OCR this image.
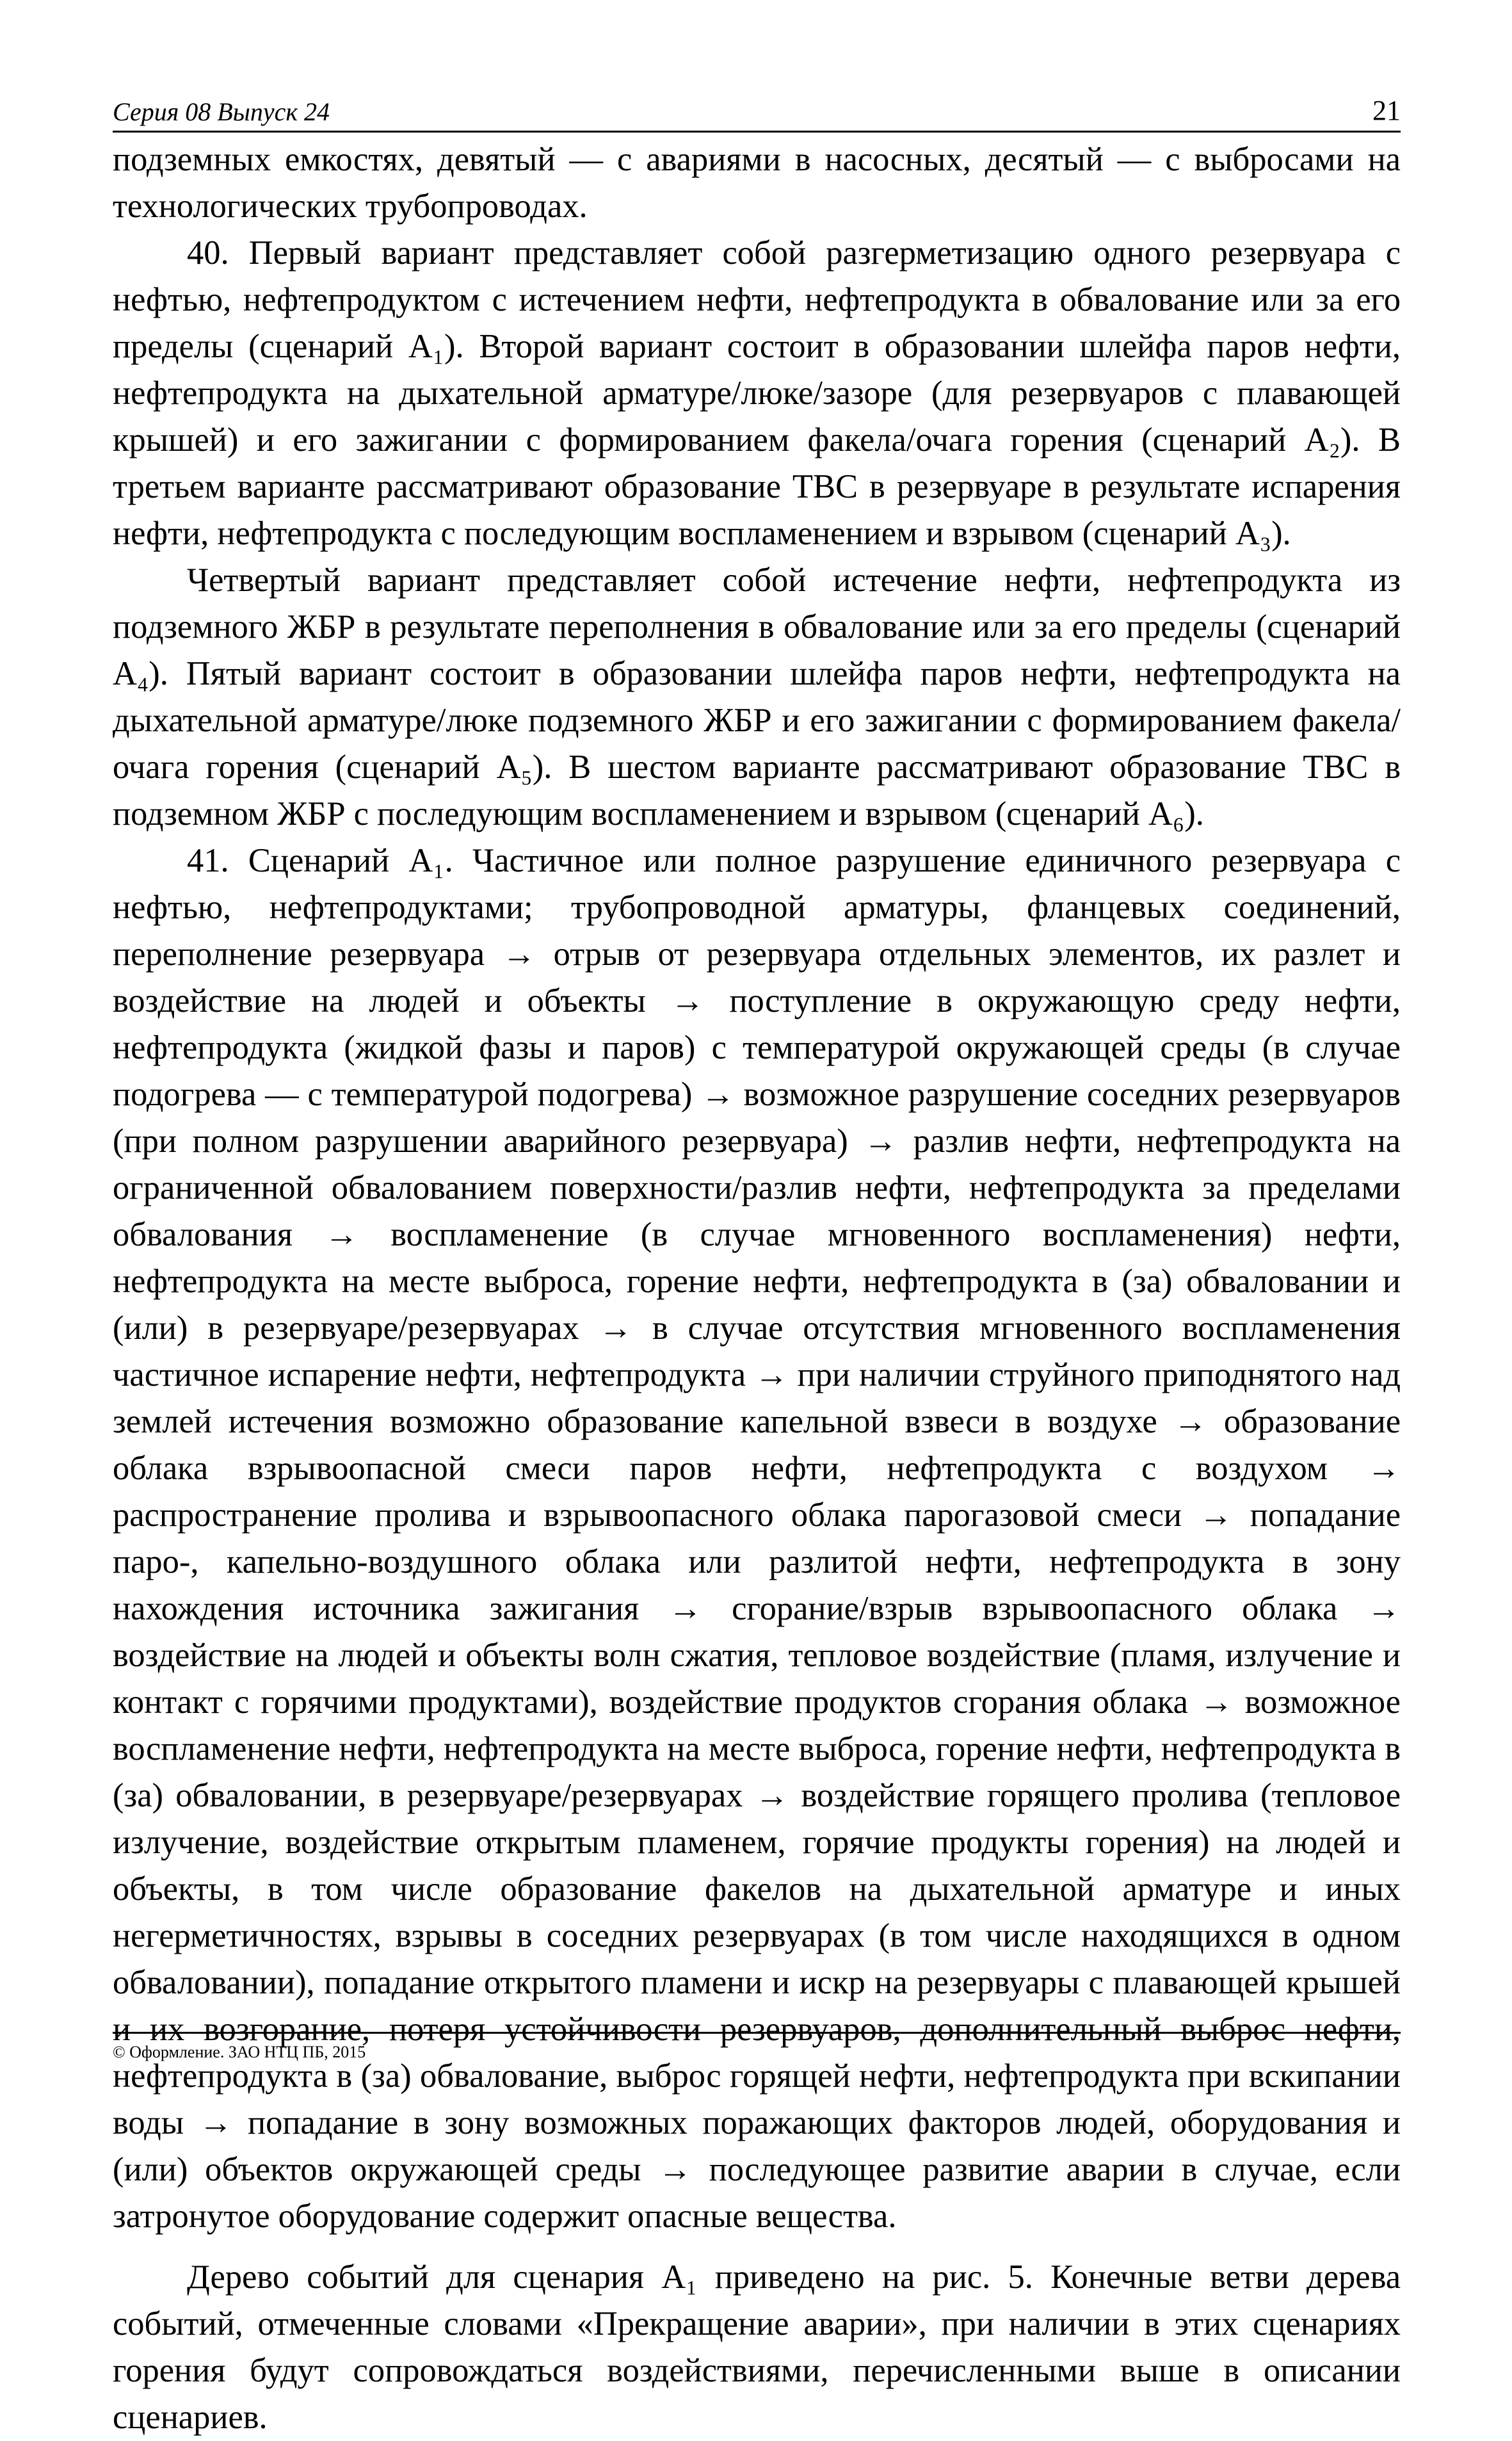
Серия 08 Выпуск 24	21

подземных емкостях, девятый — с авариями в насосных, десятый — с выбросами на технологических трубопроводах.

40. Первый вариант представляет собой разгерметизацию одного резервуара с нефтью, нефтепродуктом с истечением нефти, нефтепродукта в обвалование или за его пределы (сценарий А₁). Второй вариант состоит в образовании шлейфа паров нефти, нефтепродукта на дыхательной арматуре/люке/зазоре (для резервуаров с плавающей крышей) и его зажигании с формированием факела/очага горения (сценарий А₂). В третьем варианте рассматривают образование ТВС в резервуаре в результате испарения нефти, нефтепродукта с последующим воспламенением и взрывом (сценарий А₃).

Четвертый вариант представляет собой истечение нефти, нефтепродукта из подземного ЖБР в результате переполнения в обвалование или за его пределы (сценарий А₄). Пятый вариант состоит в образовании шлейфа паров нефти, нефтепродукта на дыхательной арматуре/люке подземного ЖБР и его зажигании с формированием факела/очага горения (сценарий А₅). В шестом варианте рассматривают образование ТВС в подземном ЖБР с последующим воспламенением и взрывом (сценарий А₆).

41. Сценарий А₁. Частичное или полное разрушение единичного резервуара с нефтью, нефтепродуктами; трубопроводной арматуры, фланцевых соединений, переполнение резервуара → отрыв от резервуара отдельных элементов, их разлет и воздействие на людей и объекты → поступление в окружающую среду нефти, нефтепродукта (жидкой фазы и паров) с температурой окружающей среды (в случае подогрева — с температурой подогрева) → возможное разрушение соседних резервуаров (при полном разрушении аварийного резервуара) → разлив нефти, нефтепродукта на ограниченной обвалованием поверхности/разлив нефти, нефтепродукта за пределами обвалования → воспламенение (в случае мгновенного воспламенения) нефти, нефтепродукта на месте выброса, горение нефти, нефтепродукта в (за) обваловании и (или) в резервуаре/резервуарах → в случае отсутствия мгновенного воспламенения частичное испарение нефти, нефтепродукта → при наличии струйного приподнятого над землей истечения возможно образование капельной взвеси в воздухе → образование облака взрывоопасной смеси паров нефти, нефтепродукта с воздухом → распространение пролива и взрывоопасного облака парогазовой смеси → попадание паро-, капельно-воздушного облака или разлитой нефти, нефтепродукта в зону нахождения источника зажигания → сгорание/взрыв взрывоопасного облака → воздействие на людей и объекты волн сжатия, тепловое воздействие (пламя, излучение и контакт с горячими продуктами), воздействие продуктов сгорания облака → возможное воспламенение нефти, нефтепродукта на месте выброса, горение нефти, нефтепродукта в (за) обваловании, в резервуаре/резервуарах → воздействие горящего пролива (тепловое излучение, воздействие открытым пламенем, горячие продукты горения) на людей и объекты, в том числе образование факелов на дыхательной арматуре и иных негерметичностях, взрывы в соседних резервуарах (в том числе находящихся в одном обваловании), попадание открытого пламени и искр на резервуары с плавающей крышей и их возгорание, потеря устойчивости резервуаров, дополнительный выброс нефти, нефтепродукта в (за) обвалование, выброс горящей нефти, нефтепродукта при вскипании воды → попадание в зону возможных поражающих факторов людей, оборудования и (или) объектов окружающей среды → последующее развитие аварии в случае, если затронутое оборудование содержит опасные вещества.

Дерево событий для сценария А₁ приведено на рис. 5. Конечные ветви дерева событий, отмеченные словами «Прекращение аварии», при наличии в этих сценариях горения будут сопровождаться воздействиями, перечисленными выше в описании сценариев.

© Оформление. ЗАО НТЦ ПБ, 2015
